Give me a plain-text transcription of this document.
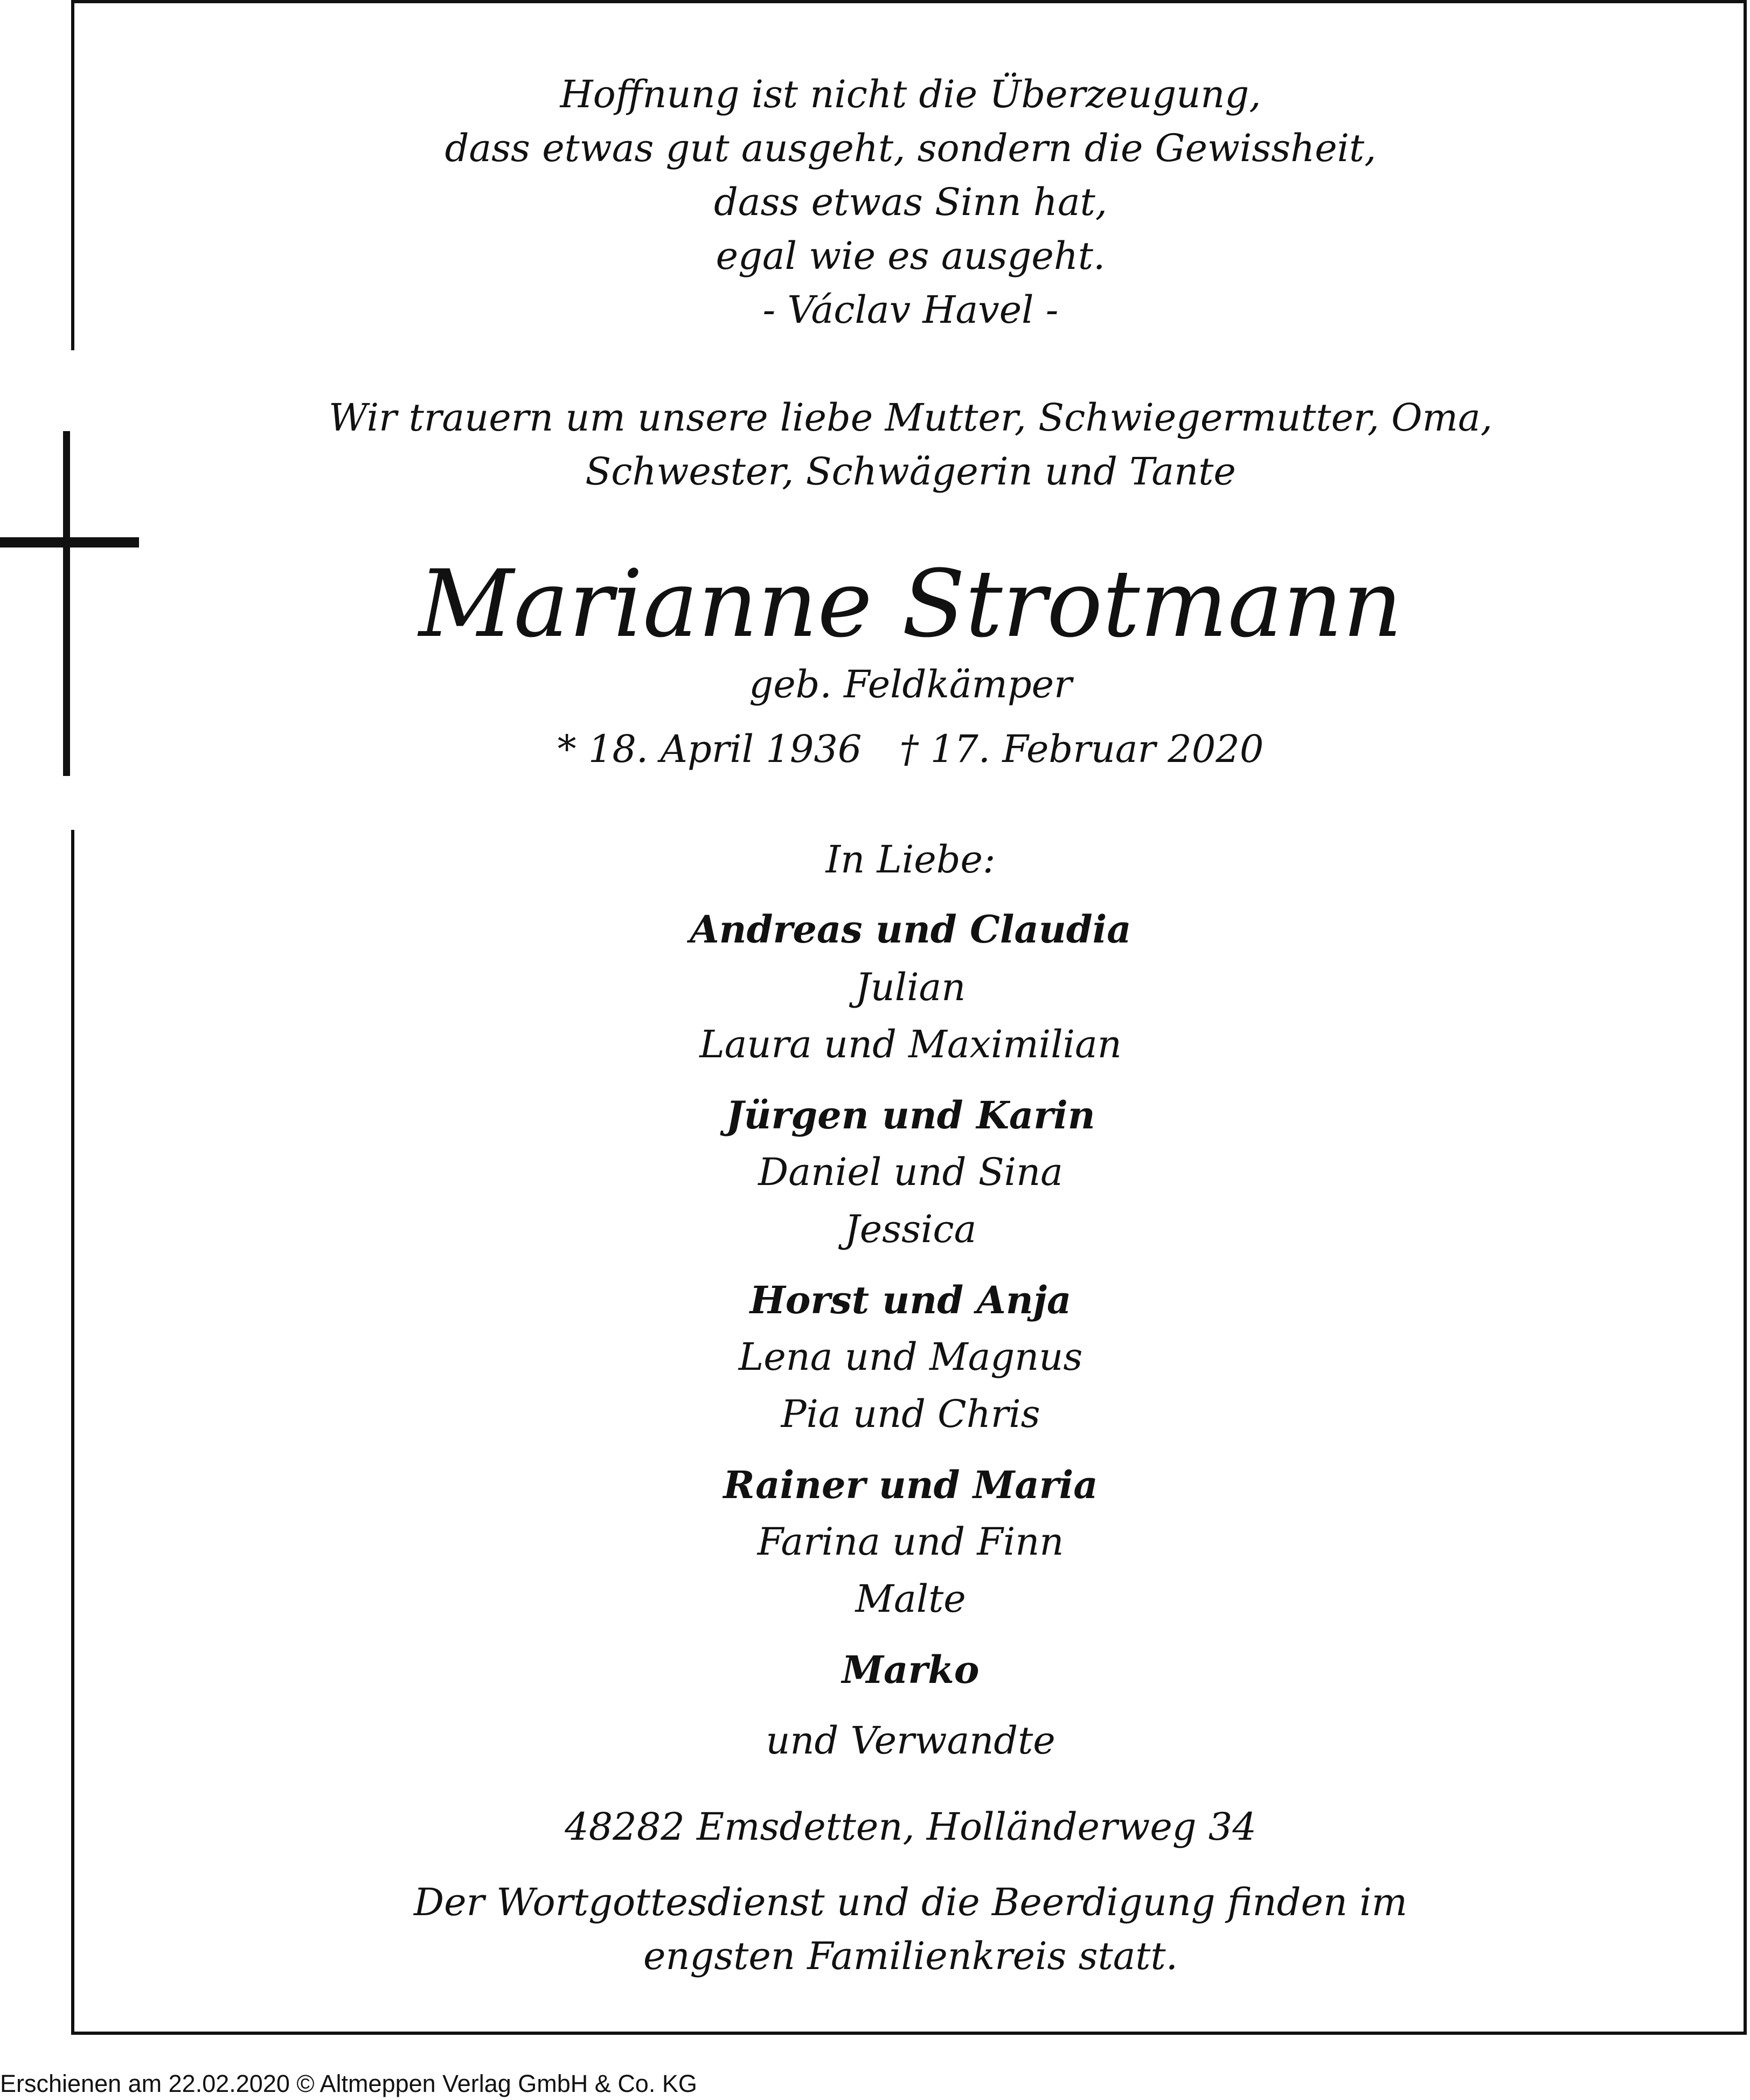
Hoffnung ist nicht die Überzeugung,
dass etwas gut ausgeht, sondern die Gewissheit,
dass etwas Sinn hat,
egal wie es ausgeht.
- Václav Havel -
Wir trauern um unsere liebe Mutter, Schwiegermutter, Oma,
Schwester, Schwägerin und Tante
Marianne Strotmann
geb. Feldkämper
* 18. April 1936 † 17. Februar 2020
In Liebe:
Andreas und Claudia
Julian
Laura und Maximilian
Jürgen und Karin
Daniel und Sina
Jessica
Horst und Anja
Lena und Magnus
Pia und Chris
Rainer und Maria
Farina und Finn
Malte
Marko
und Verwandte
48282 Emsdetten, Holländerweg 34
Der Wortgottesdienst und die Beerdigung finden im
engsten Familienkreis statt.
Erschienen am 22.02.2020 © Altmeppen Verlag GmbH & Co. KG
